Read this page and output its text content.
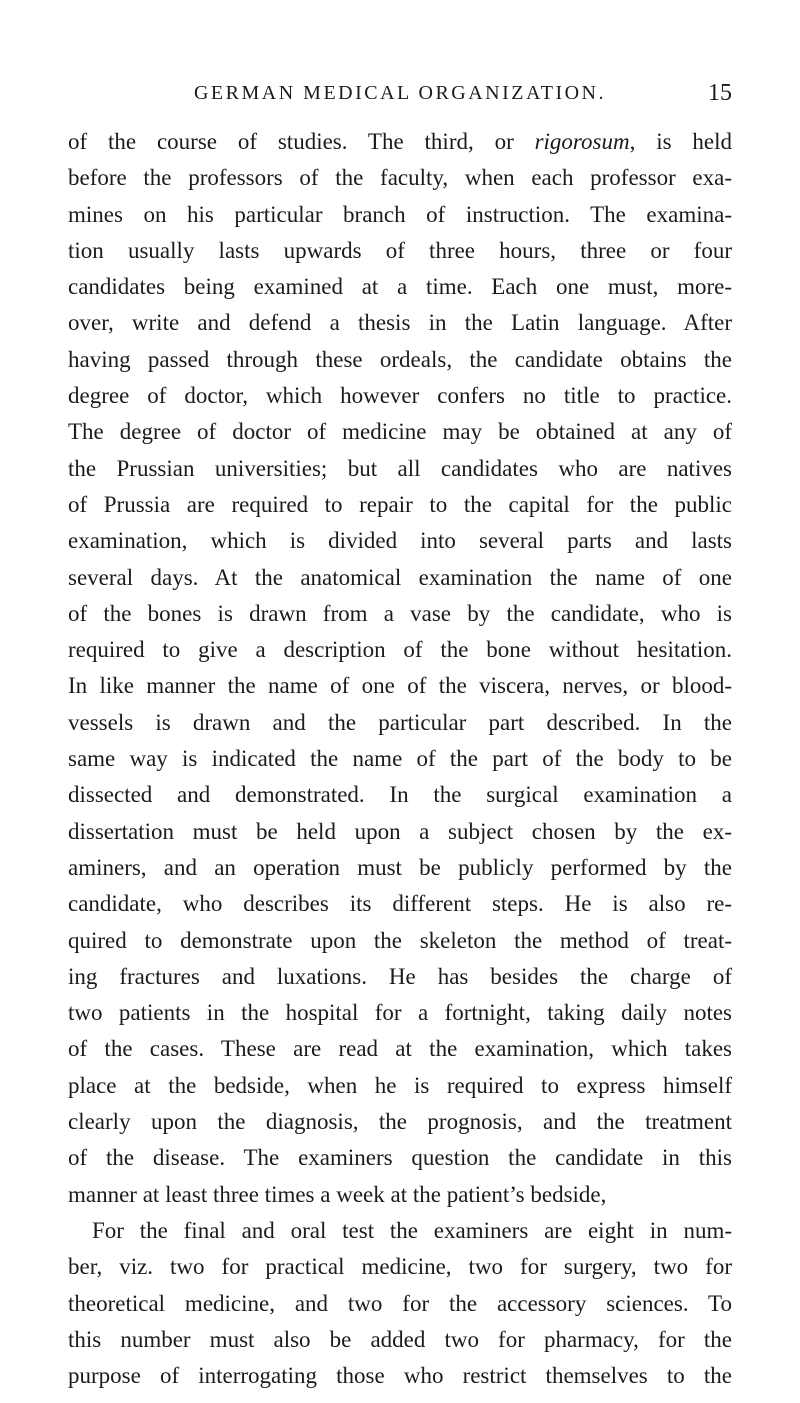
GERMAN MEDICAL ORGANIZATION.	15
of the course of studies. The third, or rigorosum, is held
before the professors of the faculty, when each professor exa-
mines on his particular branch of instruction. The examina-
tion usually lasts upwards of three hours, three or four
candidates being examined at a time. Each one must, more-
over, write and defend a thesis in the Latin language. After
having passed through these ordeals, the candidate obtains the
degree of doctor, which however confers no title to practice.
The degree of doctor of medicine may be obtained at any of
the Prussian universities; but all candidates who are natives
of Prussia are required to repair to the capital for the public
examination, which is divided into several parts and lasts
several days. At the anatomical examination the name of one
of the bones is drawn from a vase by the candidate, who is
required to give a description of the bone without hesitation.
In like manner the name of one of the viscera, nerves, or blood-
vessels is drawn and the particular part described. In the
same way is indicated the name of the part of the body to be
dissected and demonstrated. In the surgical examination a
dissertation must be held upon a subject chosen by the ex-
aminers, and an operation must be publicly performed by the
candidate, who describes its different steps. He is also re-
quired to demonstrate upon the skeleton the method of treat-
ing fractures and luxations. He has besides the charge of
two patients in the hospital for a fortnight, taking daily notes
of the cases. These are read at the examination, which takes
place at the bedside, when he is required to express himself
clearly upon the diagnosis, the prognosis, and the treatment
of the disease. The examiners question the candidate in this
manner at least three times a week at the patient’s bedside,
For the final and oral test the examiners are eight in num-
ber, viz. two for practical medicine, two for surgery, two for
theoretical medicine, and two for the accessory sciences. To
this number must also be added two for pharmacy, for the
purpose of interrogating those who restrict themselves to the
